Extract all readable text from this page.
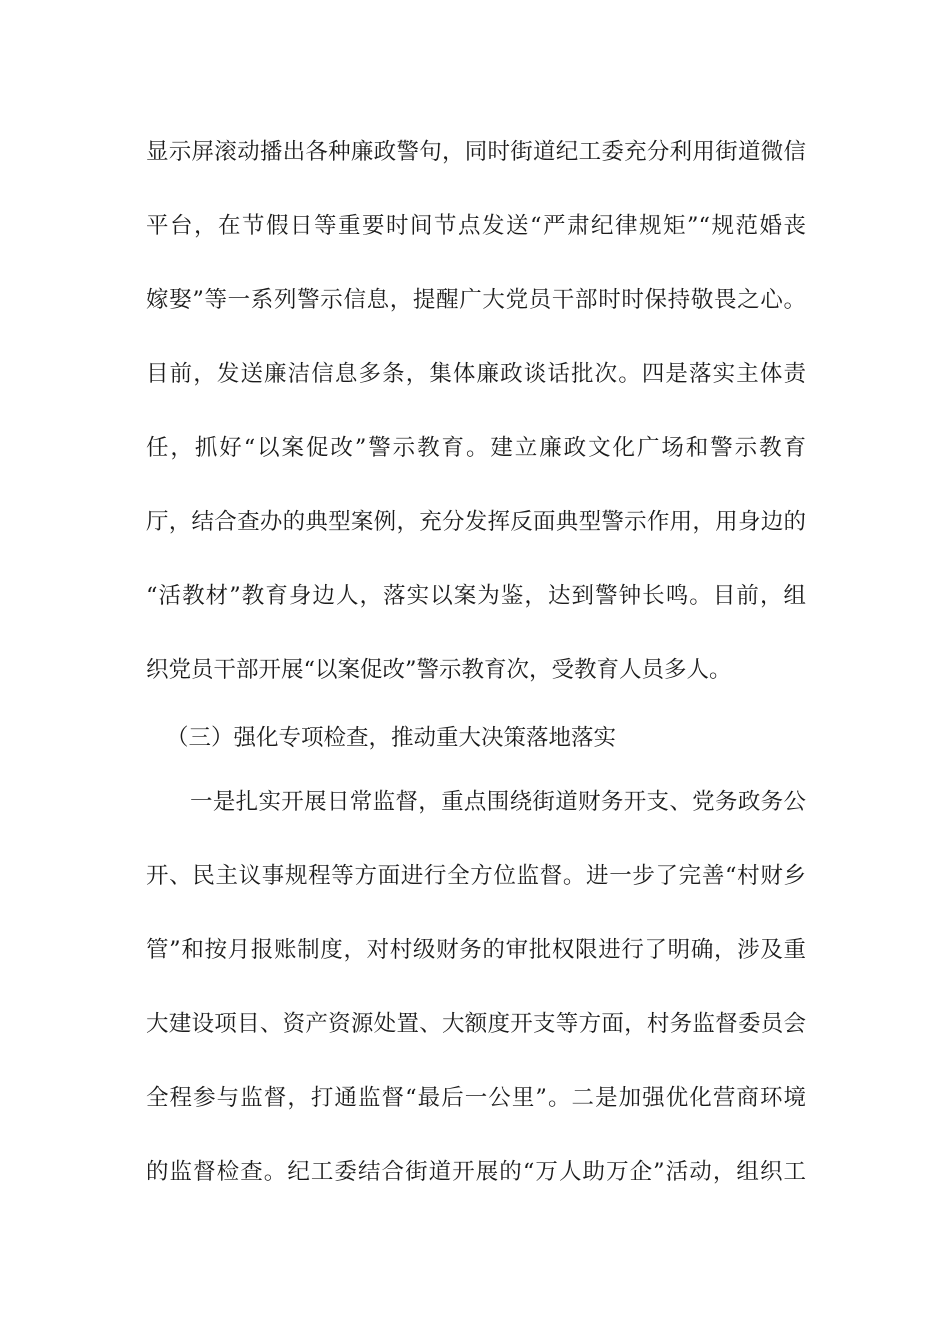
显示屏滚动播出各种廉政警句，同时街道纪工委充分利用街道微信
平台，在节假日等重要时间节点发送“严肃纪律规矩”“规范婚丧
嫁娶”等一系列警示信息，提醒广大党员干部时时保持敬畏之心。
目前，发送廉洁信息多条，集体廉政谈话批次。四是落实主体责
任，抓好“以案促改”警示教育。建立廉政文化广场和警示教育
厅，结合查办的典型案例，充分发挥反面典型警示作用，用身边的
“活教材”教育身边人，落实以案为鉴，达到警钟长鸣。目前，组
织党员干部开展“以案促改”警示教育次，受教育人员多人。
（三）强化专项检查，推动重大决策落地落实
一是扎实开展日常监督，重点围绕街道财务开支、党务政务公
开、民主议事规程等方面进行全方位监督。进一步了完善“村财乡
管”和按月报账制度，对村级财务的审批权限进行了明确，涉及重
大建设项目、资产资源处置、大额度开支等方面，村务监督委员会
全程参与监督，打通监督“最后一公里”。二是加强优化营商环境
的监督检查。纪工委结合街道开展的“万人助万企”活动，组织工
